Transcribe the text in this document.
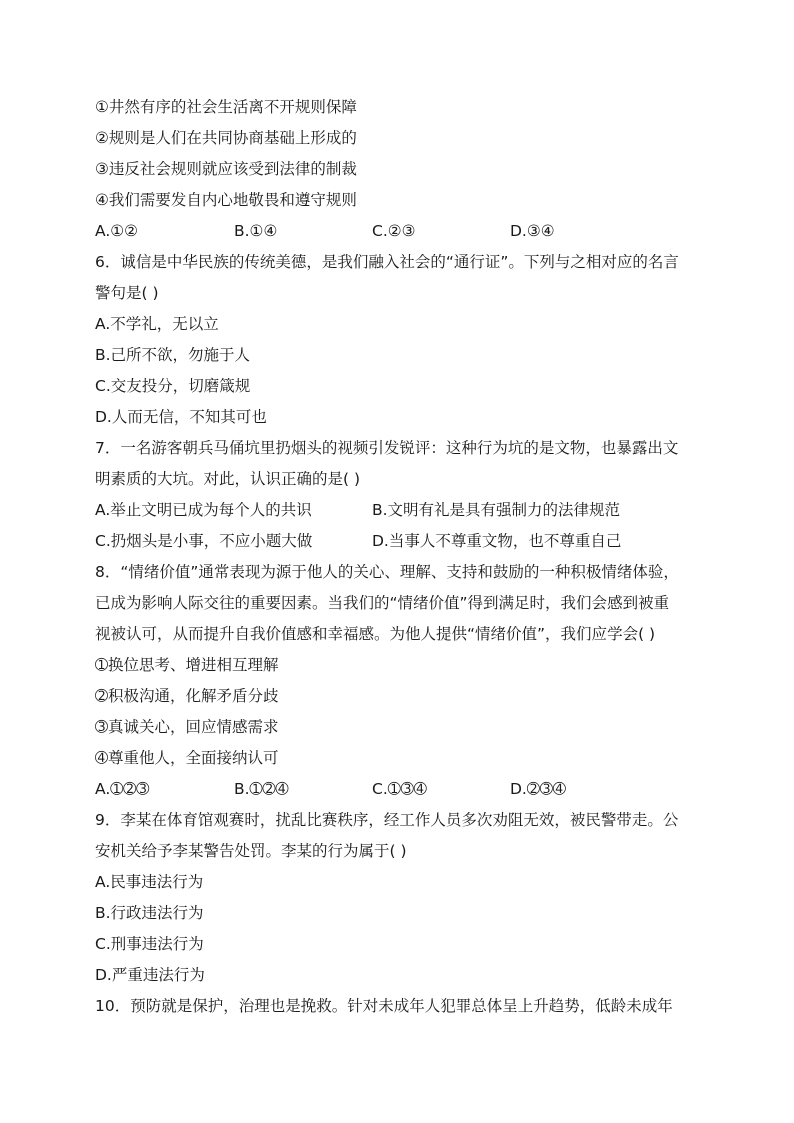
①井然有序的社会生活离不开规则保障
②规则是人们在共同协商基础上形成的
③违反社会规则就应该受到法律的制裁
④我们需要发自内心地敬畏和遵守规则
A.①②	B.①④	C.②③	D.③④
6．诚信是中华民族的传统美德，是我们融入社会的“通行证”。下列与之相对应的名言
警句是( )
A.不学礼，无以立
B.己所不欲，勿施于人
C.交友投分，切磨箴规
D.人而无信，不知其可也
7．一名游客朝兵马俑坑里扔烟头的视频引发锐评：这种行为坑的是文物，也暴露出文
明素质的大坑。对此，认识正确的是( )
A.举止文明已成为每个人的共识	B.文明有礼是具有强制力的法律规范
C.扔烟头是小事，不应小题大做	D.当事人不尊重文物，也不尊重自己
8．“情绪价值”通常表现为源于他人的关心、理解、支持和鼓励的一种积极情绪体验，
已成为影响人际交往的重要因素。当我们的“情绪价值”得到满足时，我们会感到被重
视被认可，从而提升自我价值感和幸福感。为他人提供“情绪价值”，我们应学会( )
➀换位思考、增进相互理解
➁积极沟通，化解矛盾分歧
➂真诚关心，回应情感需求
➃尊重他人，全面接纳认可
A.➀➁➂	B.➀➁➃	C.➀➂➃	D.➁➂➃
9．李某在体育馆观赛时，扰乱比赛秩序，经工作人员多次劝阻无效，被民警带走。公
安机关给予李某警告处罚。李某的行为属于( )
A.民事违法行为
B.行政违法行为
C.刑事违法行为
D.严重违法行为
10．预防就是保护，治理也是挽救。针对未成年人犯罪总体呈上升趋势，低龄未成年
